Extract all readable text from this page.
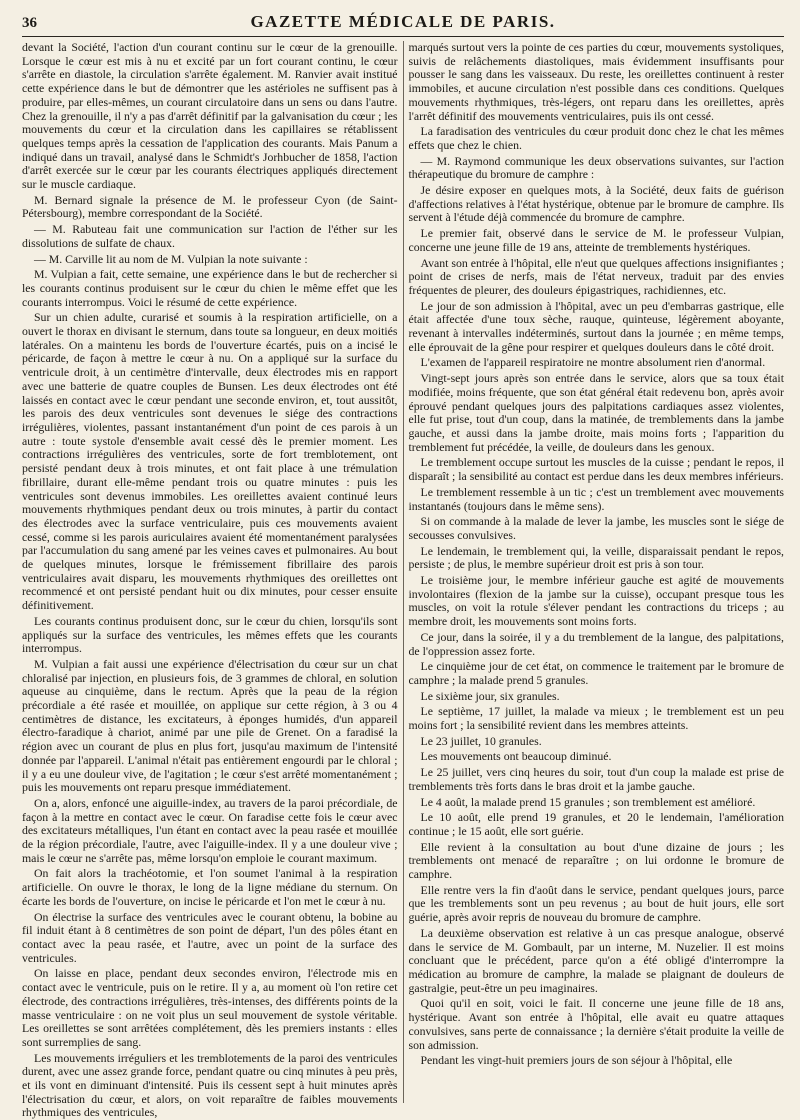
36	GAZETTE MÉDICALE DE PARIS.

devant la Société, l'action d'un courant continu sur le cœur de la grenouille. Lorsque le cœur est mis à nu et excité par un fort courant continu, le cœur s'arrête en diastole, la circulation s'arrête également. M. Ranvier avait institué cette expérience dans le but de démontrer que les astérioles ne suffisent pas à produire, par elles-mêmes, un courant circulatoire dans un sens ou dans l'autre. Chez la grenouille, il n'y a pas d'arrêt définitif par la galvanisation du cœur ; les mouvements du cœur et la circulation dans les capillaires se rétablissent quelques temps après la cessation de l'application des courants. Mais Panum a indiqué dans un travail, analysé dans le Schmidt's Jorhbucher de 1858, l'action d'arrêt exercée sur le cœur par les courants électriques appliqués directement sur le muscle cardiaque.

M. Bernard signale la présence de M. le professeur Cyon (de Saint-Pétersbourg), membre correspondant de la Société.

— M. Rabuteau fait une communication sur l'action de l'éther sur les dissolutions de sulfate de chaux.

— M. Carville lit au nom de M. Vulpian la note suivante :

M. Vulpian a fait, cette semaine, une expérience dans le but de rechercher si les courants continus produisent sur le cœur du chien le même effet que les courants interrompus. Voici le résumé de cette expérience.

Sur un chien adulte, curarisé et soumis à la respiration artificielle, on a ouvert le thorax en divisant le sternum, dans toute sa longueur, en deux moitiés latérales. On a maintenu les bords de l'ouverture écartés, puis on a incisé le péricarde, de façon à mettre le cœur à nu. On a appliqué sur la surface du ventricule droit, à un centimètre d'intervalle, deux électrodes mis en rapport avec une batterie de quatre couples de Bunsen. Les deux électrodes ont été laissés en contact avec le cœur pendant une seconde environ, et, tout aussitôt, les parois des deux ventricules sont devenues le siége des contractions irrégulières, violentes, passant instantanément d'un point de ces parois à un autre : toute systole d'ensemble avait cessé dès le premier moment. Les contractions irrégulières des ventricules, sorte de fort tremblotement, ont persisté pendant deux à trois minutes, et ont fait place à une trémulation fibrillaire, durant elle-même pendant trois ou quatre minutes : puis les ventricules sont devenus immobiles. Les oreillettes avaient continué leurs mouvements rhythmiques pendant deux ou trois minutes, à partir du contact des électrodes avec la surface ventriculaire, puis ces mouvements avaient cessé, comme si les parois auriculaires avaient été momentanément paralysées par l'accumulation du sang amené par les veines caves et pulmonaires. Au bout de quelques minutes, lorsque le frémissement fibrillaire des parois ventriculaires avait disparu, les mouvements rhythmiques des oreillettes ont recommencé et ont persisté pendant huit ou dix minutes, pour cesser ensuite définitivement.

Les courants continus produisent donc, sur le cœur du chien, lorsqu'ils sont appliqués sur la surface des ventricules, les mêmes effets que les courants interrompus.

M. Vulpian a fait aussi une expérience d'électrisation du cœur sur un chat chloralisé par injection, en plusieurs fois, de 3 grammes de chloral, en solution aqueuse au cinquième, dans le rectum. Après que la peau de la région précordiale a été rasée et mouillée, on applique sur cette région, à 3 ou 4 centimètres de distance, les excitateurs, à éponges humidés, d'un appareil électro-faradique à chariot, animé par une pile de Grenet. On a faradisé la région avec un courant de plus en plus fort, jusqu'au maximum de l'intensité donnée par l'appareil. L'animal n'était pas entièrement engourdi par le chloral ; il y a eu une douleur vive, de l'agitation ; le cœur s'est arrêté momentanément ; puis les mouvements ont reparu presque immédiatement.

On a, alors, enfoncé une aiguille-index, au travers de la paroi précordiale, de façon à la mettre en contact avec le cœur. On faradise cette fois le cœur avec des excitateurs métalliques, l'un étant en contact avec la peau rasée et mouillée de la région précordiale, l'autre, avec l'aiguille-index. Il y a une douleur vive ; mais le cœur ne s'arrête pas, même lorsqu'on emploie le courant maximum.

On fait alors la trachéotomie, et l'on soumet l'animal à la respiration artificielle. On ouvre le thorax, le long de la ligne médiane du sternum. On écarte les bords de l'ouverture, on incise le péricarde et l'on met le cœur à nu.

On électrise la surface des ventricules avec le courant obtenu, la bobine au fil induit étant à 8 centimètres de son point de départ, l'un des pôles étant en contact avec la peau rasée, et l'autre, avec un point de la surface des ventricules.

On laisse en place, pendant deux secondes environ, l'électrode mis en contact avec le ventricule, puis on le retire. Il y a, au moment où l'on retire cet électrode, des contractions irrégulières, très-intenses, des différents points de la masse ventriculaire : on ne voit plus un seul mouvement de systole véritable. Les oreillettes se sont arrêtées complétement, dès les premiers instants : elles sont surremplies de sang.

Les mouvements irréguliers et les tremblotements de la paroi des ventricules durent, avec une assez grande force, pendant quatre ou cinq minutes à peu près, et ils vont en diminuant d'intensité. Puis ils cessent sept à huit minutes après l'électrisation du cœur, et alors, on voit reparaître de faibles mouvements rhythmiques des ventricules,

marqués surtout vers la pointe de ces parties du cœur, mouvements systoliques, suivis de relâchements diastoliques, mais évidemment insuffisants pour pousser le sang dans les vaisseaux. Du reste, les oreillettes continuent à rester immobiles, et aucune circulation n'est possible dans ces conditions. Quelques mouvements rhythmiques, très-légers, ont reparu dans les oreillettes, après l'arrêt définitif des mouvements ventriculaires, puis ils ont cessé.

La faradisation des ventricules du cœur produit donc chez le chat les mêmes effets que chez le chien.

— M. Raymond communique les deux observations suivantes, sur l'action thérapeutique du bromure de camphre :

Je désire exposer en quelques mots, à la Société, deux faits de guérison d'affections relatives à l'état hystérique, obtenue par le bromure de camphre. Ils servent à l'étude déjà commencée du bromure de camphre.

Le premier fait, observé dans le service de M. le professeur Vulpian, concerne une jeune fille de 19 ans, atteinte de tremblements hystériques.

Avant son entrée à l'hôpital, elle n'eut que quelques affections insignifiantes ; point de crises de nerfs, mais de l'état nerveux, traduit par des envies fréquentes de pleurer, des douleurs épigastriques, rachidiennes, etc.

Le jour de son admission à l'hôpital, avec un peu d'embarras gastrique, elle était affectée d'une toux sèche, rauque, quinteuse, légèrement aboyante, revenant à intervalles indéterminés, surtout dans la journée ; en même temps, elle éprouvait de la gêne pour respirer et quelques douleurs dans le côté droit.

L'examen de l'appareil respiratoire ne montre absolument rien d'anormal.

Vingt-sept jours après son entrée dans le service, alors que sa toux était modifiée, moins fréquente, que son état général était redevenu bon, après avoir éprouvé pendant quelques jours des palpitations cardiaques assez violentes, elle fut prise, tout d'un coup, dans la matinée, de tremblements dans la jambe gauche, et aussi dans la jambe droite, mais moins forts ; l'apparition du tremblement fut précédée, la veille, de douleurs dans les genoux.

Le tremblement occupe surtout les muscles de la cuisse ; pendant le repos, il disparaît ; la sensibilité au contact est perdue dans les deux membres inférieurs.

Le tremblement ressemble à un tic ; c'est un tremblement avec mouvements instantanés (toujours dans le même sens).

Si on commande à la malade de lever la jambe, les muscles sont le siége de secousses convulsives.

Le lendemain, le tremblement qui, la veille, disparaissait pendant le repos, persiste ; de plus, le membre supérieur droit est pris à son tour.

Le troisième jour, le membre inférieur gauche est agité de mouvements involontaires (flexion de la jambe sur la cuisse), occupant presque tous les muscles, on voit la rotule s'élever pendant les contractions du triceps ; au membre droit, les mouvements sont moins forts.

Ce jour, dans la soirée, il y a du tremblement de la langue, des palpitations, de l'oppression assez forte.

Le cinquième jour de cet état, on commence le traitement par le bromure de camphre ; la malade prend 5 granules.

Le sixième jour, six granules.

Le septième, 17 juillet, la malade va mieux ; le tremblement est un peu moins fort ; la sensibilité revient dans les membres atteints.

Le 23 juillet, 10 granules.

Les mouvements ont beaucoup diminué.

Le 25 juillet, vers cinq heures du soir, tout d'un coup la malade est prise de tremblements très forts dans le bras droit et la jambe gauche.

Le 4 août, la malade prend 15 granules ; son tremblement est amélioré.

Le 10 août, elle prend 19 granules, et 20 le lendemain, l'amélioration continue ; le 15 août, elle sort guérie.

Elle revient à la consultation au bout d'une dizaine de jours ; les tremblements ont menacé de reparaître ; on lui ordonne le bromure de camphre.

Elle rentre vers la fin d'août dans le service, pendant quelques jours, parce que les tremblements sont un peu revenus ; au bout de huit jours, elle sort guérie, après avoir repris de nouveau du bromure de camphre.

La deuxième observation est relative à un cas presque analogue, observé dans le service de M. Gombault, par un interne, M. Nuzelier. Il est moins concluant que le précédent, parce qu'on a été obligé d'interrompre la médication au bromure de camphre, la malade se plaignant de douleurs de gastralgie, peut-être un peu imaginaires.

Quoi qu'il en soit, voici le fait. Il concerne une jeune fille de 18 ans, hystérique. Avant son entrée à l'hôpital, elle avait eu quatre attaques convulsives, sans perte de connaissance ; la dernière s'était produite la veille de son admission.

Pendant les vingt-huit premiers jours de son séjour à l'hôpital, elle
